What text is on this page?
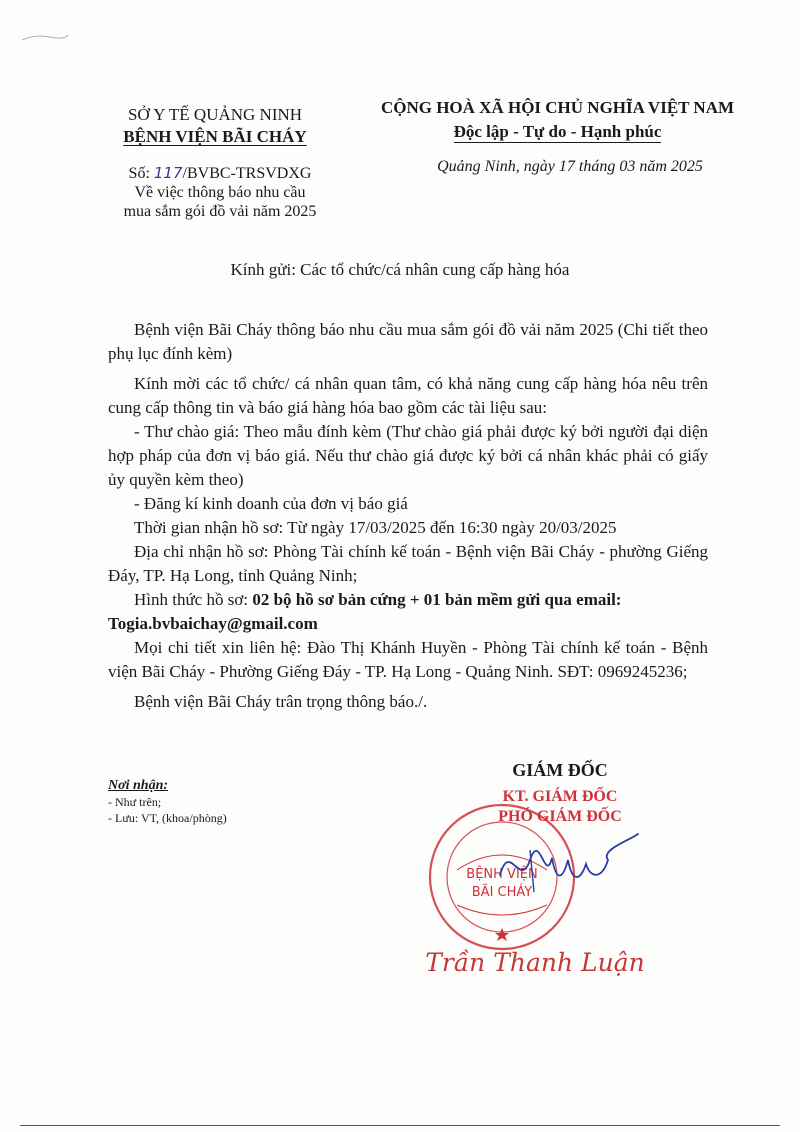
SỞ Y TẾ QUẢNG NINH
BỆNH VIỆN BÃI CHÁY
Số: 117/BVBC-TRSVDXG
Về việc thông báo nhu cầu
mua sắm gói đồ vải năm 2025
CỘNG HOÀ XÃ HỘI CHỦ NGHĨA VIỆT NAM
Độc lập - Tự do - Hạnh phúc
Quảng Ninh, ngày 17 tháng 03 năm 2025
Kính gửi: Các tổ chức/cá nhân cung cấp hàng hóa

Bệnh viện Bãi Cháy thông báo nhu cầu mua sắm gói đồ vải năm 2025 (Chi tiết theo phụ lục đính kèm)

Kính mời các tổ chức/ cá nhân quan tâm, có khả năng cung cấp hàng hóa nêu trên cung cấp thông tin và báo giá hàng hóa bao gồm các tài liệu sau:

- Thư chào giá: Theo mẫu đính kèm (Thư chào giá phải được ký bởi người đại diện hợp pháp của đơn vị báo giá. Nếu thư chào giá được ký bởi cá nhân khác phải có giấy ủy quyền kèm theo)

- Đăng kí kinh doanh của đơn vị báo giá

Thời gian nhận hồ sơ: Từ ngày 17/03/2025 đến 16:30 ngày 20/03/2025

Địa chỉ nhận hồ sơ: Phòng Tài chính kế toán - Bệnh viện Bãi Cháy - phường Giếng Đáy, TP. Hạ Long, tỉnh Quảng Ninh;

Hình thức hồ sơ: 02 bộ hồ sơ bản cứng + 01 bản mềm gửi qua email:

Togia.bvbaichay@gmail.com

Mọi chi tiết xin liên hệ: Đào Thị Khánh Huyền - Phòng Tài chính kế toán - Bệnh viện Bãi Cháy - Phường Giếng Đáy - TP. Hạ Long - Quảng Ninh. SĐT: 0969245236;

Bệnh viện Bãi Cháy trân trọng thông báo./.

Nơi nhận:
- Như trên;
- Lưu: VT, (khoa/phòng)
GIÁM ĐỐC
KT. GIÁM ĐỐC
PHÓ GIÁM ĐỐC
BỆNH VIỆN
BÃI CHÁY
Trần Thanh Luận
